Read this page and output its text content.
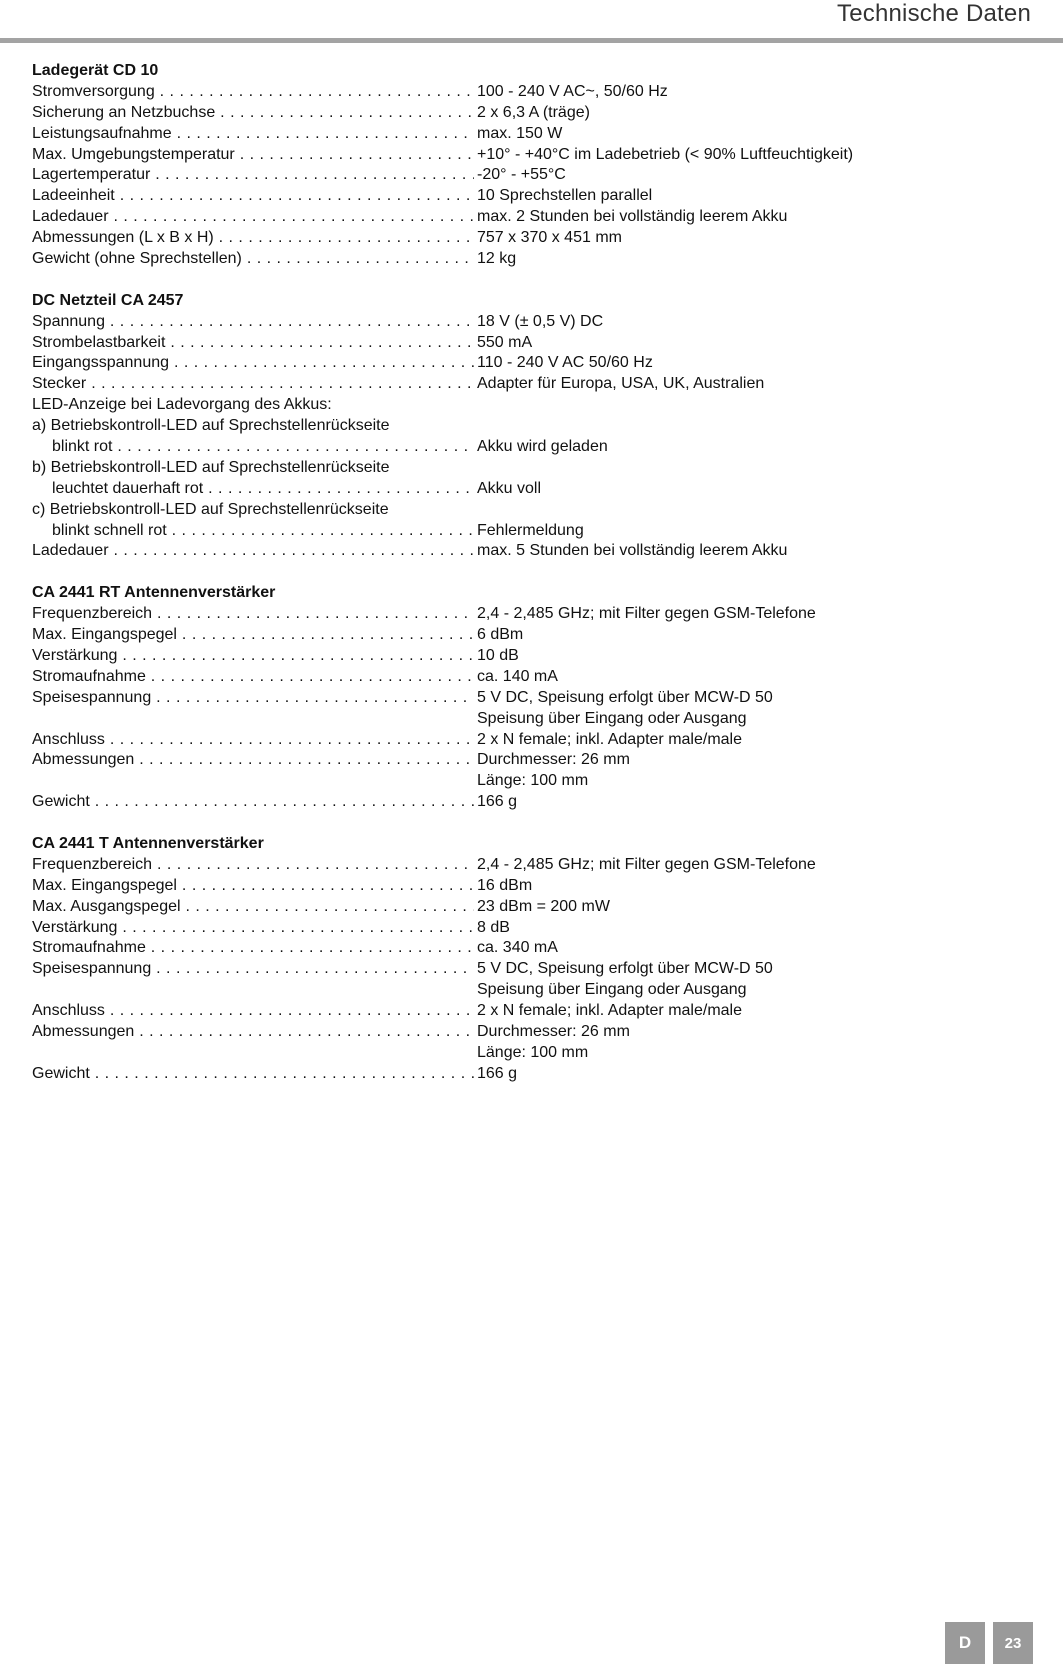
Technische Daten
Ladegerät CD 10
Stromversorgung . . .	100 - 240 V AC~, 50/60 Hz
Sicherung an Netzbuchse . . .	2 x 6,3 A (träge)
Leistungsaufnahme . . .	max. 150 W
Max. Umgebungstemperatur . . .	+10° - +40°C im Ladebetrieb (< 90% Luftfeuchtigkeit)
Lagertemperatur . . .	-20° - +55°C
Ladeeinheit . . .	10 Sprechstellen parallel
Ladedauer . . .	max. 2 Stunden bei vollständig leerem Akku
Abmessungen (L x B x H) . . .	757 x 370 x 451 mm
Gewicht (ohne Sprechstellen) . . .	12 kg
DC Netzteil CA 2457
Spannung . . .	18 V (± 0,5 V) DC
Strombelastbarkeit . . .	550 mA
Eingangsspannung . . .	110 - 240 V AC 50/60 Hz
Stecker . . .	Adapter für Europa, USA, UK, Australien
LED-Anzeige bei Ladevorgang des Akkus:
a) Betriebskontroll-LED auf Sprechstellenrückseite
blinkt rot . . .	Akku wird geladen
b) Betriebskontroll-LED auf Sprechstellenrückseite
leuchtet dauerhaft rot . . .	Akku voll
c) Betriebskontroll-LED auf Sprechstellenrückseite
blinkt schnell rot . . .	Fehlermeldung
Ladedauer . . .	max. 5 Stunden bei vollständig leerem Akku
CA 2441 RT Antennenverstärker
Frequenzbereich . . .	2,4 - 2,485 GHz; mit Filter gegen GSM-Telefone
Max. Eingangspegel . . .	6 dBm
Verstärkung . . .	10 dB
Stromaufnahme . . .	ca. 140 mA
Speisespannung . . .	5 V DC, Speisung erfolgt über MCW-D 50
Speisung über Eingang oder Ausgang
Anschluss . . .	2 x N female; inkl. Adapter male/male
Abmessungen . . .	Durchmesser: 26 mm
Länge: 100 mm
Gewicht . . .	166 g
CA 2441 T Antennenverstärker
Frequenzbereich . . .	2,4 - 2,485 GHz; mit Filter gegen GSM-Telefone
Max. Eingangspegel . . .	16 dBm
Max. Ausgangspegel . . .	23 dBm = 200 mW
Verstärkung . . .	8 dB
Stromaufnahme . . .	ca. 340 mA
Speisespannung . . .	5 V DC, Speisung erfolgt über MCW-D 50
Speisung über Eingang oder Ausgang
Anschluss . . .	2 x N female; inkl. Adapter male/male
Abmessungen . . .	Durchmesser: 26 mm
Länge: 100 mm
Gewicht . . .	166 g
D	23
